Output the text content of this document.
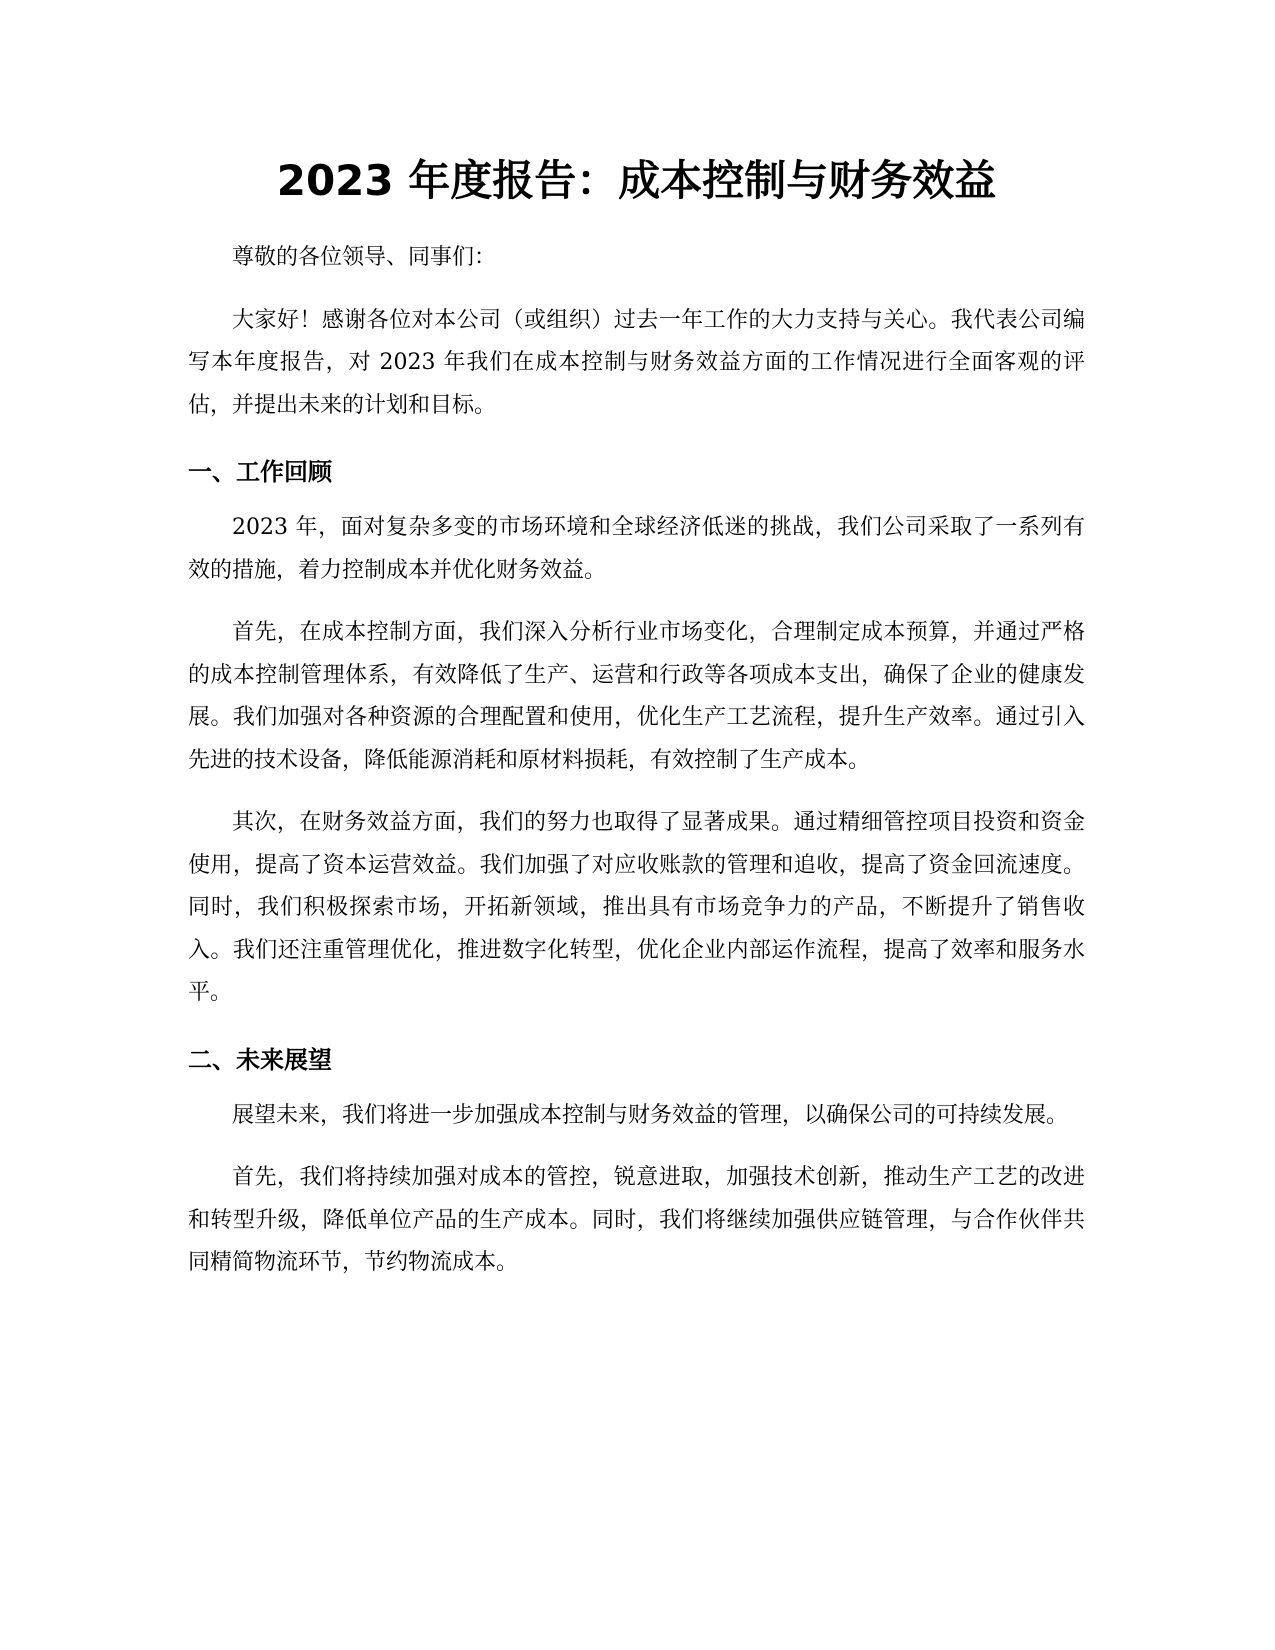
2023 年度报告：成本控制与财务效益

尊敬的各位领导、同事们：

大家好！感谢各位对本公司（或组织）过去一年工作的大力支持与关心。我代表公司编写本年度报告，对 2023 年我们在成本控制与财务效益方面的工作情况进行全面客观的评估，并提出未来的计划和目标。

一、工作回顾

2023 年，面对复杂多变的市场环境和全球经济低迷的挑战，我们公司采取了一系列有效的措施，着力控制成本并优化财务效益。

首先，在成本控制方面，我们深入分析行业市场变化，合理制定成本预算，并通过严格的成本控制管理体系，有效降低了生产、运营和行政等各项成本支出，确保了企业的健康发展。我们加强对各种资源的合理配置和使用，优化生产工艺流程，提升生产效率。通过引入先进的技术设备，降低能源消耗和原材料损耗，有效控制了生产成本。

其次，在财务效益方面，我们的努力也取得了显著成果。通过精细管控项目投资和资金使用，提高了资本运营效益。我们加强了对应收账款的管理和追收，提高了资金回流速度。同时，我们积极探索市场，开拓新领域，推出具有市场竞争力的产品，不断提升了销售收入。我们还注重管理优化，推进数字化转型，优化企业内部运作流程，提高了效率和服务水平。

二、未来展望

展望未来，我们将进一步加强成本控制与财务效益的管理，以确保公司的可持续发展。

首先，我们将持续加强对成本的管控，锐意进取，加强技术创新，推动生产工艺的改进和转型升级，降低单位产品的生产成本。同时，我们将继续加强供应链管理，与合作伙伴共同精简物流环节，节约物流成本。
